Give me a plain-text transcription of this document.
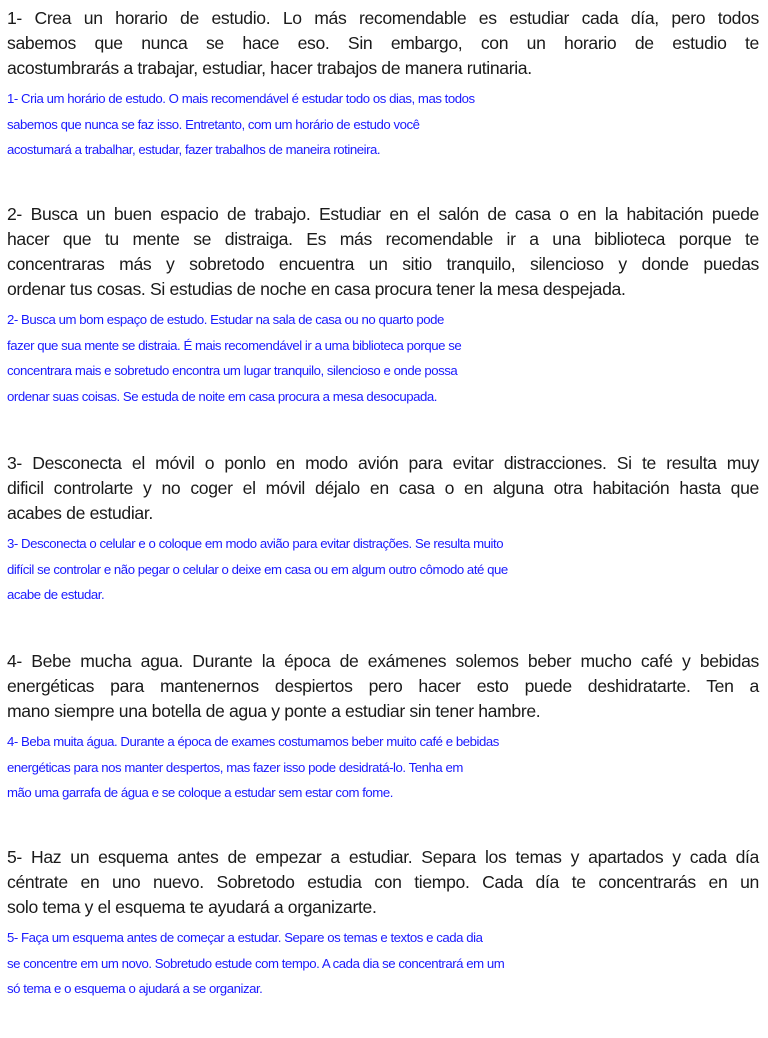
1- Crea un horario de estudio. Lo más recomendable es estudiar cada día, pero todos
sabemos que nunca se hace eso. Sin embargo, con un horario de estudio te
acostumbrarás a trabajar, estudiar, hacer trabajos de manera rutinaria.

1- Cria um horário de estudo. O mais recomendável é estudar todo os dias, mas todos
sabemos que nunca se faz isso. Entretanto, com um horário de estudo você
acostumará a trabalhar, estudar, fazer trabalhos de maneira rotineira.

2- Busca un buen espacio de trabajo. Estudiar en el salón de casa o en la habitación puede
hacer que tu mente se distraiga. Es más recomendable ir a una biblioteca porque te
concentraras más y sobretodo encuentra un sitio tranquilo, silencioso y donde puedas
ordenar tus cosas. Si estudias de noche en casa procura tener la mesa despejada.

2- Busca um bom espaço de estudo. Estudar na sala de casa ou no quarto pode
fazer que sua mente se distraia. É mais recomendável ir a uma biblioteca porque se
concentrara mais e sobretudo encontra um lugar tranquilo, silencioso e onde possa
ordenar suas coisas. Se estuda de noite em casa procura a mesa desocupada.

3- Desconecta el móvil o ponlo en modo avión para evitar distracciones. Si te resulta muy
dificil controlarte y no coger el móvil déjalo en casa o en alguna otra habitación hasta que
acabes de estudiar.

3- Desconecta o celular e o coloque em modo avião para evitar distrações. Se resulta muito
difícil se controlar e não pegar o celular o deixe em casa ou em algum outro cômodo até que
acabe de estudar.

4- Bebe mucha agua. Durante la época de exámenes solemos beber mucho café y bebidas
energéticas para mantenernos despiertos pero hacer esto puede deshidratarte. Ten a
mano siempre una botella de agua y ponte a estudiar sin tener hambre.

4- Beba muita água. Durante a época de exames costumamos beber muito café e bebidas
energéticas para nos manter despertos, mas fazer isso pode desidratá-lo. Tenha em
mão uma garrafa de água e se coloque a estudar sem estar com fome.

5- Haz un esquema antes de empezar a estudiar. Separa los temas y apartados y cada día
céntrate en uno nuevo. Sobretodo estudia con tiempo. Cada día te concentrarás en un
solo tema y el esquema te ayudará a organizarte.

5- Faça um esquema antes de começar a estudar. Separe os temas e textos e cada dia
se concentre em um novo. Sobretudo estude com tempo. A cada dia se concentrará em um
só tema e o esquema o ajudará a se organizar.
